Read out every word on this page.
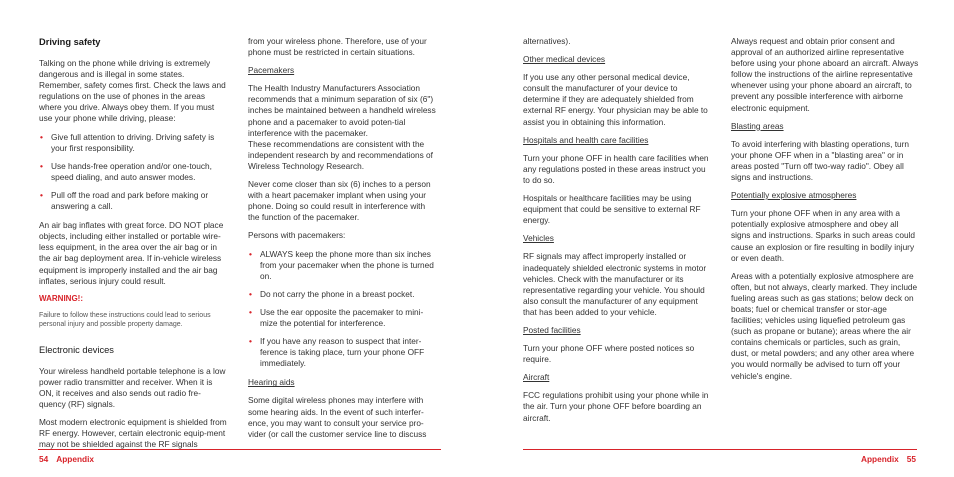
Driving safety

Talking on the phone while driving is extremely dangerous and is illegal in some states. Remember, safety comes first. Check the laws and regulations on the use of phones in the areas where you drive. Always obey them. If you must use your phone while driving, please:

• Give full attention to driving. Driving safety is your first responsibility.
• Use hands-free operation and/or one-touch, speed dialing, and auto answer modes.
• Pull off the road and park before making or answering a call.

An air bag inflates with great force. DO NOT place objects, including either installed or portable wire-less equipment, in the area over the air bag or in the air bag deployment area. If in-vehicle wireless equipment is improperly installed and the air bag inflates, serious injury could result.

WARNING!:

Failure to follow these instructions could lead to serious personal injury and possible property damage.

Electronic devices

Your wireless handheld portable telephone is a low power radio transmitter and receiver. When it is ON, it receives and also sends out radio fre-quency (RF) signals.

Most modern electronic equipment is shielded from RF energy. However, certain electronic equip-ment may not be shielded against the RF signals

from your wireless phone. Therefore, use of your phone must be restricted in certain situations.

Pacemakers

The Health Industry Manufacturers Association recommends that a minimum separation of six (6") inches be maintained between a handheld wireless phone and a pacemaker to avoid poten-tial interference with the pacemaker.

These recommendations are consistent with the independent research by and recommendations of Wireless Technology Research.

Never come closer than six (6) inches to a person with a heart pacemaker implant when using your phone. Doing so could result in interference with the function of the pacemaker.

Persons with pacemakers:

• ALWAYS keep the phone more than six inches from your pacemaker when the phone is turned on.
• Do not carry the phone in a breast pocket.
• Use the ear opposite the pacemaker to mini-mize the potential for interference.
• If you have any reason to suspect that inter-ference is taking place, turn your phone OFF immediately.

Hearing aids

Some digital wireless phones may interfere with some hearing aids. In the event of such interfer-ence, you may want to consult your service pro-vider (or call the customer service line to discuss

alternatives).

Other medical devices

If you use any other personal medical device, consult the manufacturer of your device to determine if they are adequately shielded from external RF energy. Your physician may be able to assist you in obtaining this information.

Hospitals and health care facilities

Turn your phone OFF in health care facilities when any regulations posted in these areas instruct you to do so.

Hospitals or healthcare facilities may be using equipment that could be sensitive to external RF energy.

Vehicles

RF signals may affect improperly installed or inadequately shielded electronic systems in motor vehicles. Check with the manufacturer or its representative regarding your vehicle. You should also consult the manufacturer of any equipment that has been added to your vehicle.

Posted facilities

Turn your phone OFF where posted notices so require.

Aircraft

FCC regulations prohibit using your phone while in the air. Turn your phone OFF before boarding an aircraft.

Always request and obtain prior consent and approval of an authorized airline representative before using your phone aboard an aircraft. Always follow the instructions of the airline representative whenever using your phone aboard an aircraft, to prevent any possible interference with airborne electronic equipment.

Blasting areas

To avoid interfering with blasting operations, turn your phone OFF when in a "blasting area" or in areas posted "Turn off two-way radio". Obey all signs and instructions.

Potentially explosive atmospheres

Turn your phone OFF when in any area with a potentially explosive atmosphere and obey all signs and instructions. Sparks in such areas could cause an explosion or fire resulting in bodily injury or even death.

Areas with a potentially explosive atmosphere are often, but not always, clearly marked. They include fueling areas such as gas stations; below deck on boats; fuel or chemical transfer or stor-age facilities; vehicles using liquefied petroleum gas (such as propane or butane); areas where the air contains chemicals or particles, such as grain, dust, or metal powders; and any other area where you would normally be advised to turn off your vehicle's engine.

54 Appendix	Appendix 55
